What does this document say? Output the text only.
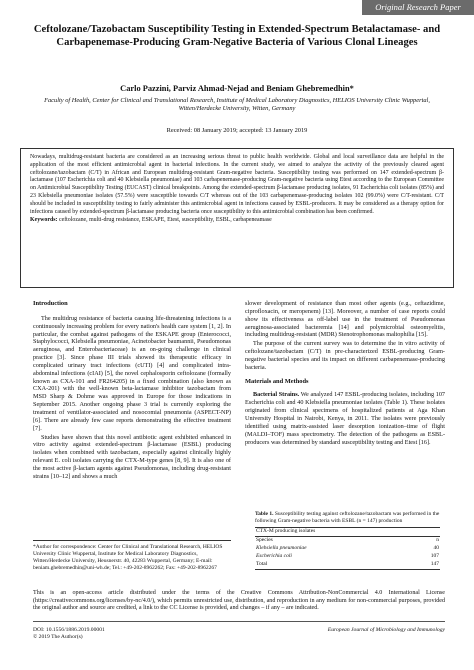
Original Research Paper
Ceftolozane/Tazobactam Susceptibility Testing in Extended-Spectrum Betalactamase- and Carbapenemase-Producing Gram-Negative Bacteria of Various Clonal Lineages
Carlo Pazzini, Parviz Ahmad-Nejad and Beniam Ghebremedhin*
Faculty of Health, Center for Clinical and Translational Research, Institute of Medical Laboratory Diagnostics, HELIOS University Clinic Wuppertal, Witten/Herdecke University, Witten, Germany
Received: 08 January 2019; accepted: 13 January 2019
Nowadays, multidrug-resistant bacteria are considered as an increasing serious threat to public health worldwide. Global and local surveillance data are helpful in the application of the most efficient antimicrobial agent in bacterial infections. In the current study, we aimed to analyze the activity of the previously cleared agent ceftolozane/tazobactam (C/T) in African and European multidrug-resistant Gram-negative bacteria. Susceptibility testing was performed on 147 extended-spectrum β-lactamase (107 Escherichia coli and 40 Klebsiella pneumoniae) and 103 carbapenemase-producing Gram-negative bacteria using Etest according to the European Committee on Antimicrobial Susceptibility Testing (EUCAST) clinical breakpoints. Among the extended-spectrum β-lactamase producing isolates, 91 Escherichia coli isolates (85%) and 23 Klebsiella pneumoniae isolates (57.5%) were susceptible towards C/T whereas out of the 103 carbapenemase-producing isolates 102 (99.0%) were C/T-resistant. C/T should be included in susceptibility testing to fairly administer this antimicrobial agent in infections caused by ESBL-producers. It may be considered as a therapy option for infections caused by extended-spectrum β-lactamase producing bacteria once susceptibility to this antimicrobial combination has been confirmed.
Keywords: ceftolozane, multi-drug resistance, ESKAPE, Etest, susceptibility, ESBL, carbapeneamase
Introduction

The multidrug resistance of bacteria causing life-threatening infections is a continuously increasing problem for every nation's health care system [1, 2]. In particular, the combat against pathogens of the ESKAPE group (Enterococci, Staphylococci, Klebsiella pneumoniae, Acinetobacter baumannii, Pseudomonas aeruginosa, and Enterobacteriaceae) is an on-going challenge in clinical practice [3]. Since phase III trials showed its therapeutic efficacy in complicated urinary tract infections (cUTI) [4] and complicated intra-abdominal infections (cIAI) [5], the novel cephalosporin ceftolozane (formally known as CXA-101 and FR264205) in a fixed combination (also known as CXA-201) with the well-known beta-lactamase inhibitor tazobactam from MSD Sharp & Dohme was approved in Europe for those indications in September 2015. Another ongoing phase 3 trial is currently exploring the treatment of ventilator-associated and nosocomial pneumonia (ASPECT-NP) [6]. There are already few case reports demonstrating the effective treatment [7].

Studies have shown that this novel antibiotic agent exhibited enhanced in vitro activity against extended-spectrum β-lactamase (ESBL) producing isolates when combined with tazobactam, especially against clinically highly relevant E. coli isolates carrying the CTX-M-type genes [8, 9]. It is also one of the most active β-lactam agents against Pseudomonas, including drug-resistant strains [10–12] and shows a much

slower development of resistance than most other agents (e.g., ceftazidime, ciprofloxacin, or meropenem) [13]. Moreover, a number of case reports could show its effectiveness as off-label use in the treatment of Pseudomonas aeruginosa-associated bacteremia [14] and polymicrobial osteomyelitis, including multidrug-resistant (MDR) Stenotrophomonas maltophilia [15].

The purpose of the current survey was to determine the in vitro activity of ceftolozane/tazobactam (C/T) in pre-characterized ESBL-producing Gram-negative bacterial species and its impact on different carbapenemase-producing bacteria.

Materials and Methods

Bacterial Strains. We analyzed 147 ESBL-producing isolates, including 107 Escherichia coli and 40 Klebsiella pneumoniae isolates (Table 1). These isolates originated from clinical specimens of hospitalized patients at Aga Khan University Hospital in Nairobi, Kenya, in 2011. The isolates were previously identified using matrix-assisted laser desorption ionization–time of flight (MALDI–TOF) mass spectrometry. The detection of the pathogens as ESBL-producers was determined by standard susceptibility testing and Etest [16].

Table 1. Susceptibility testing against ceftolozane/tazobactam was performed in the following Gram-negative bacteria with ESBL (n = 147) production
CTX-M producing isolates	
Species	n
Klebsiella pneumoniae	40
Escherichia coli	107
Total	147
*Author for correspondence: Center for Clinical and Translational Research, HELIOS University Clinic Wuppertal, Institute for Medical Laboratory Diagnostics, Witten/Herdecke University, Heusnerstr. 40, 42283 Wuppertal, Germany; E-mail: beniam.ghebremedhin@uni-wh.de; Tel.: +49-202-8962262; Fax: +49-202-8962267
This is an open-access article distributed under the terms of the Creative Commons Attribution-NonCommercial 4.0 International License (https://creativecommons.org/licenses/by-nc/4.0/), which permits unrestricted use, distribution, and reproduction in any medium for non-commercial purposes, provided the original author and source are credited, a link to the CC License is provided, and changes – if any – are indicated.
DOI: 10.1556/1886.2019.00001
© 2019 The Author(s)
European Journal of Microbiology and Immunology
